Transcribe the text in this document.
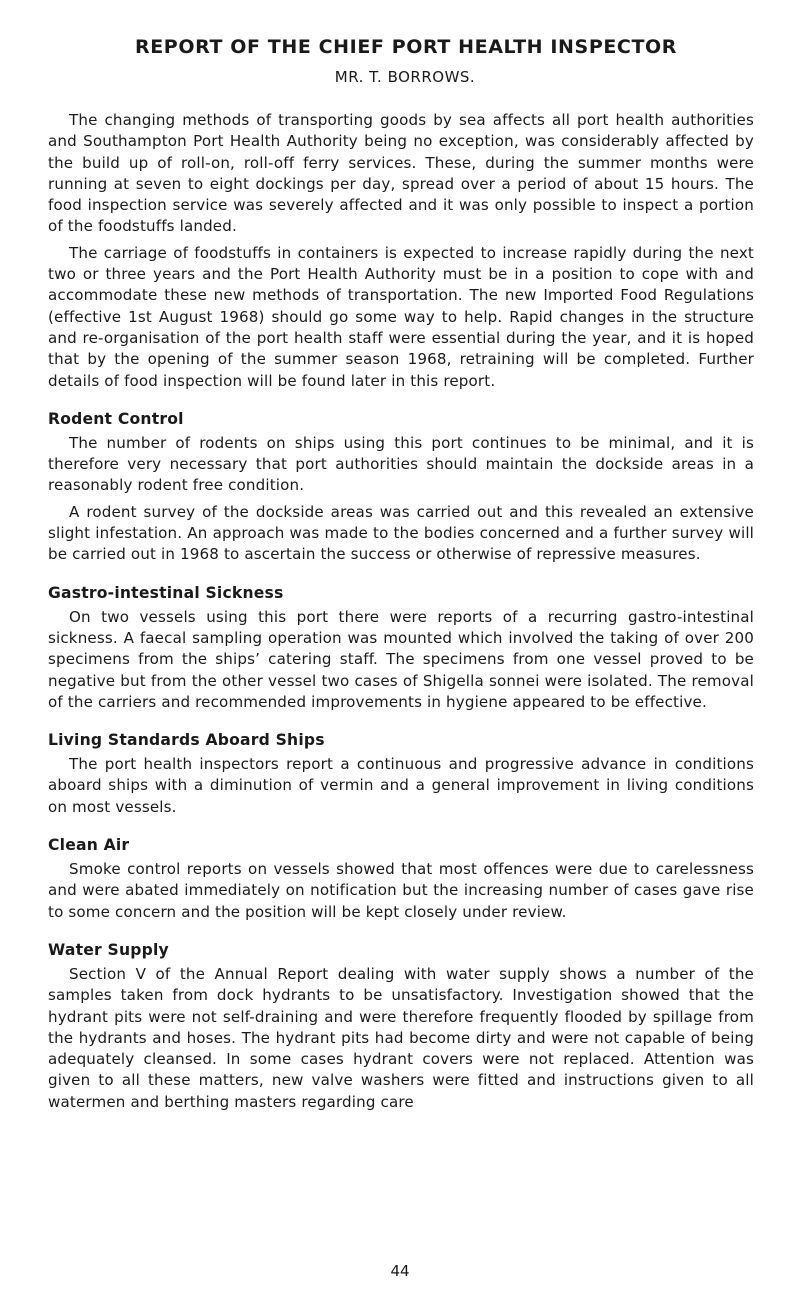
REPORT OF THE CHIEF PORT HEALTH INSPECTOR
MR. T. BORROWS.

The changing methods of transporting goods by sea affects all port health authorities and Southampton Port Health Authority being no exception, was considerably affected by the build up of roll-on, roll-off ferry services. These, during the summer months were running at seven to eight dockings per day, spread over a period of about 15 hours. The food inspection service was severely affected and it was only possible to inspect a portion of the foodstuffs landed.

The carriage of foodstuffs in containers is expected to increase rapidly during the next two or three years and the Port Health Authority must be in a position to cope with and accommodate these new methods of transportation. The new Imported Food Regulations (effective 1st August 1968) should go some way to help. Rapid changes in the structure and re-organisation of the port health staff were essential during the year, and it is hoped that by the opening of the summer season 1968, retraining will be completed. Further details of food inspection will be found later in this report.

Rodent Control

The number of rodents on ships using this port continues to be minimal, and it is therefore very necessary that port authorities should maintain the dockside areas in a reasonably rodent free condition.

A rodent survey of the dockside areas was carried out and this revealed an extensive slight infestation. An approach was made to the bodies concerned and a further survey will be carried out in 1968 to ascertain the success or otherwise of repressive measures.

Gastro-intestinal Sickness

On two vessels using this port there were reports of a recurring gastro-intestinal sickness. A faecal sampling operation was mounted which involved the taking of over 200 specimens from the ships’ catering staff. The specimens from one vessel proved to be negative but from the other vessel two cases of Shigella sonnei were isolated. The removal of the carriers and recommended improvements in hygiene appeared to be effective.

Living Standards Aboard Ships

The port health inspectors report a continuous and progressive advance in conditions aboard ships with a diminution of vermin and a general improvement in living conditions on most vessels.

Clean Air

Smoke control reports on vessels showed that most offences were due to carelessness and were abated immediately on notification but the increasing number of cases gave rise to some concern and the position will be kept closely under review.

Water Supply

Section V of the Annual Report dealing with water supply shows a number of the samples taken from dock hydrants to be unsatisfactory. Investigation showed that the hydrant pits were not self-draining and were therefore frequently flooded by spillage from the hydrants and hoses. The hydrant pits had become dirty and were not capable of being adequately cleansed. In some cases hydrant covers were not replaced. Attention was given to all these matters, new valve washers were fitted and instructions given to all watermen and berthing masters regarding care

44
